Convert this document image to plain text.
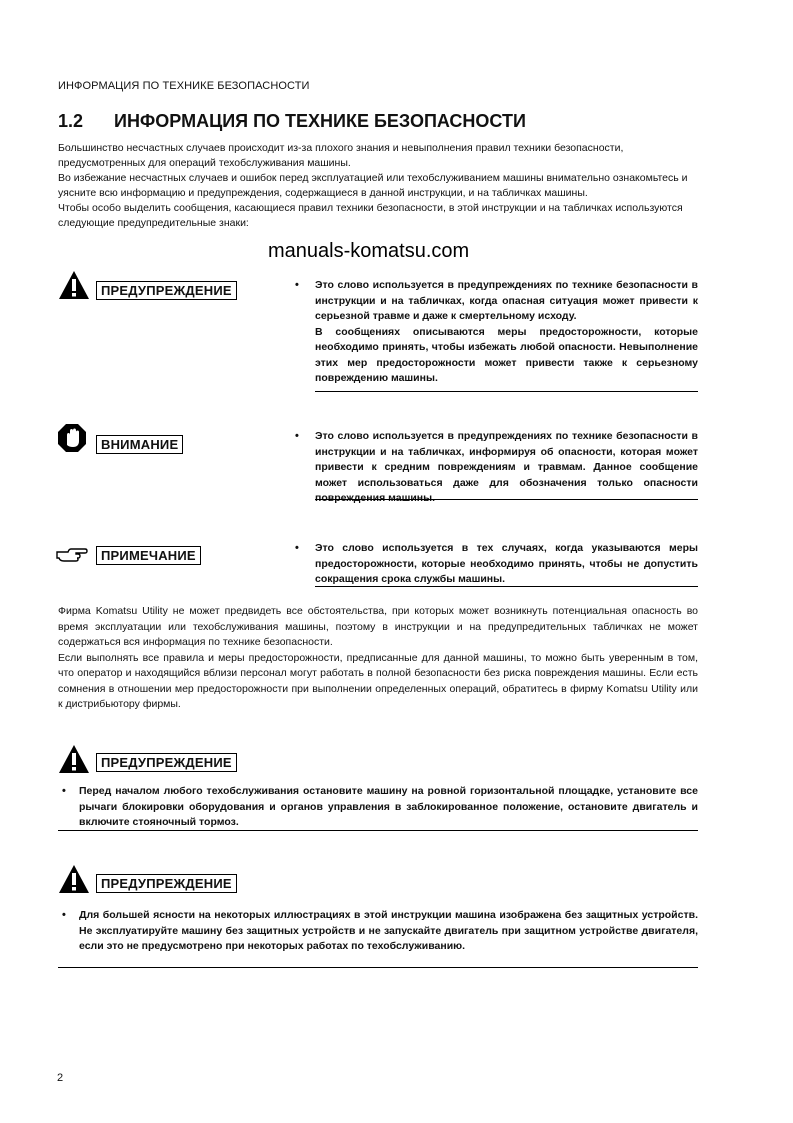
ИНФОРМАЦИЯ ПО ТЕХНИКЕ БЕЗОПАСНОСТИ
1.2 ИНФОРМАЦИЯ ПО ТЕХНИКЕ БЕЗОПАСНОСТИ

Большинство несчастных случаев происходит из-за плохого знания и невыполнения правил техники безопасности, предусмотренных для операций техобслуживания машины.

Во избежание несчастных случаев и ошибок перед эксплуатацией или техобслуживанием машины внимательно ознакомьтесь и уясните всю информацию и предупреждения, содержащиеся в данной инструкции, и на табличках машины.

Чтобы особо выделить сообщения, касающиеся правил техники безопасности, в этой инструкции и на табличках используются следующие предупредительные знаки:

manuals-komatsu.com
ПРЕДУПРЕЖДЕНИЕ	• Это слово используется в предупреждениях по технике безопасности в инструкции и на табличках, когда опасная ситуация может привести к серьезной травме и даже к смертельному исходу.

В сообщениях описываются меры предосторожности, которые необходимо принять, чтобы избежать любой опасности. Невыполнение этих мер предосторожности может привести также к серьезному повреждению машины.

ВНИМАНИЕ
• Это слово используется в предупреждениях по технике безопасности в инструкции и на табличках, информируя об опасности, которая может привести к средним повреждениям и травмам. Данное сообщение может использоваться даже для обозначения только опасности повреждения машины.

ПРИМЕЧАНИЕ	• Это слово используется в тех случаях, когда указываются меры предосторожности, которые необходимо принять, чтобы не допустить сокращения срока службы машины.

Фирма Komatsu Utility не может предвидеть все обстоятельства, при которых может возникнуть потенциальная опасность во время эксплуатации или техобслуживания машины, поэтому в инструкции и на предупредительных табличках не может содержаться вся информация по технике безопасности.

Если выполнять все правила и меры предосторожности, предписанные для данной машины, то можно быть уверенным в том, что оператор и находящийся вблизи персонал могут работать в полной безопасности без риска повреждения машины. Если есть сомнения в отношении мер предосторожности при выполнении определенных операций, обратитесь в фирму Komatsu Utility или к дистрибьютору фирмы.

ПРЕДУПРЕЖДЕНИЕ
• Перед началом любого техобслуживания остановите машину на ровной горизонтальной площадке, установите все рычаги блокировки оборудования и органов управления в заблокированное положение, остановите двигатель и включите стояночный тормоз.
ПРЕДУПРЕЖДЕНИЕ
• Для большей ясности на некоторых иллюстрациях в этой инструкции машина изображена без защитных устройств. Не эксплуатируйте машину без защитных устройств и не запускайте двигатель при защитном устройстве двигателя, если это не предусмотрено при некоторых работах по техобслуживанию.
2
